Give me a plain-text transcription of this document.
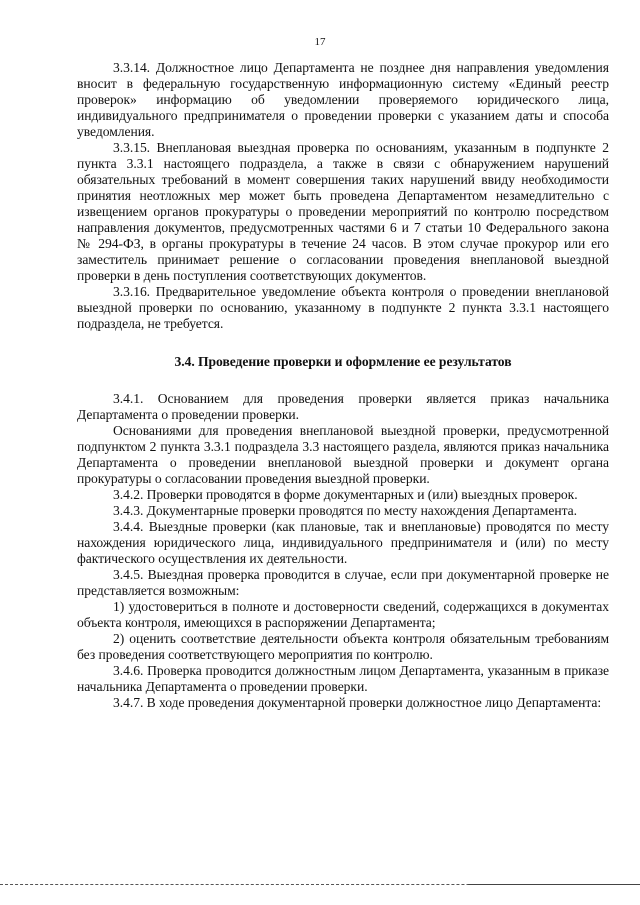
17

3.3.14. Должностное лицо Департамента не позднее дня направления уведомления вносит в федеральную государственную информационную систему «Единый реестр проверок» информацию об уведомлении проверяемого юридического лица, индивидуального предпринимателя о проведении проверки с указанием даты и способа уведомления.

3.3.15. Внеплановая выездная проверка по основаниям, указанным в подпункте 2 пункта 3.3.1 настоящего подраздела, а также в связи с обнаружением нарушений обязательных требований в момент совершения таких нарушений ввиду необходимости принятия неотложных мер может быть проведена Департаментом незамедлительно с извещением органов прокуратуры о проведении мероприятий по контролю посредством направления документов, предусмотренных частями 6 и 7 статьи 10 Федерального закона № 294-ФЗ, в органы прокуратуры в течение 24 часов. В этом случае прокурор или его заместитель принимает решение о согласовании проведения внеплановой выездной проверки в день поступления соответствующих документов.

3.3.16. Предварительное уведомление объекта контроля о проведении внеплановой выездной проверки по основанию, указанному в подпункте 2 пункта 3.3.1 настоящего подраздела, не требуется.

3.4. Проведение проверки и оформление ее результатов

3.4.1. Основанием для проведения проверки является приказ начальника Департамента о проведении проверки.

Основаниями для проведения внеплановой выездной проверки, предусмотренной подпунктом 2 пункта 3.3.1 подраздела 3.3 настоящего раздела, являются приказ начальника Департамента о проведении внеплановой выездной проверки и документ органа прокуратуры о согласовании проведения выездной проверки.

3.4.2. Проверки проводятся в форме документарных и (или) выездных проверок.

3.4.3. Документарные проверки проводятся по месту нахождения Департамента.

3.4.4. Выездные проверки (как плановые, так и внеплановые) проводятся по месту нахождения юридического лица, индивидуального предпринимателя и (или) по месту фактического осуществления их деятельности.

3.4.5. Выездная проверка проводится в случае, если при документарной проверке не представляется возможным:

1) удостовериться в полноте и достоверности сведений, содержащихся в документах объекта контроля, имеющихся в распоряжении Департамента;

2) оценить соответствие деятельности объекта контроля обязательным требованиям без проведения соответствующего мероприятия по контролю.

3.4.6. Проверка проводится должностным лицом Департамента, указанным в приказе начальника Департамента о проведении проверки.

3.4.7. В ходе проведения документарной проверки должностное лицо Департамента:
